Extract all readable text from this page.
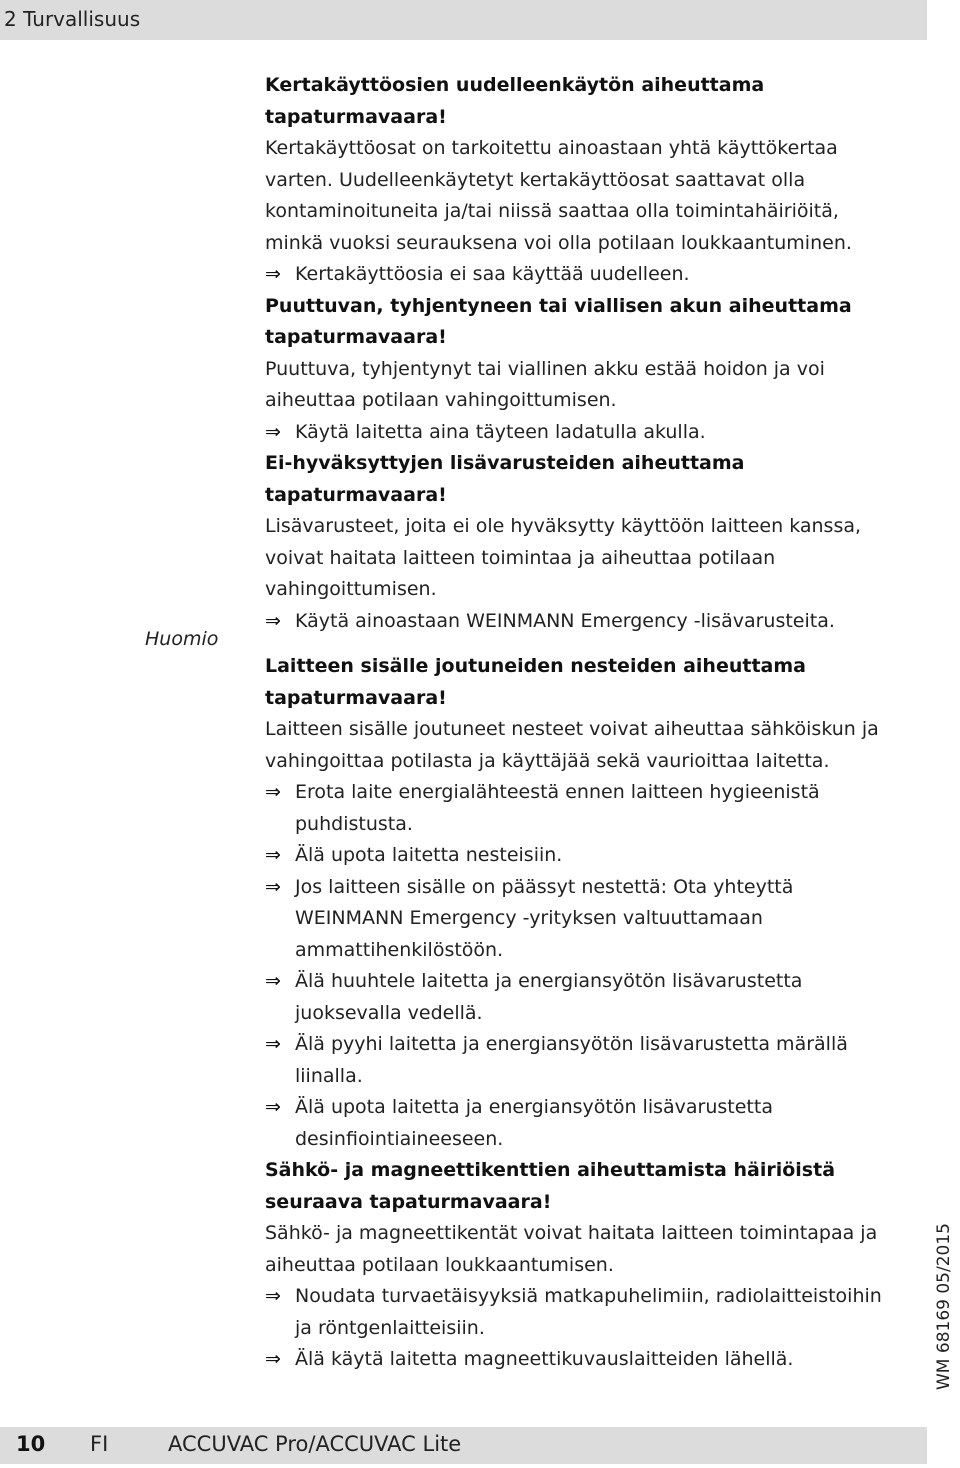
2 Turvallisuus
Huomio
Kertakäyttöosien uudelleenkäytön aiheuttama
tapaturmavaara!
Kertakäyttöosat on tarkoitettu ainoastaan yhtä käyttökertaa
varten. Uudelleenkäytetyt kertakäyttöosat saattavat olla
kontaminoituneita ja/tai niissä saattaa olla toimintahäiriöitä,
minkä vuoksi seurauksena voi olla potilaan loukkaantuminen.
⇒ Kertakäyttöosia ei saa käyttää uudelleen.
Puuttuvan, tyhjentyneen tai viallisen akun aiheuttama
tapaturmavaara!
Puuttuva, tyhjentynyt tai viallinen akku estää hoidon ja voi
aiheuttaa potilaan vahingoittumisen.
⇒ Käytä laitetta aina täyteen ladatulla akulla.
Ei-hyväksyttyjen lisävarusteiden aiheuttama tapaturmavaara!
Lisävarusteet, joita ei ole hyväksytty käyttöön laitteen kanssa,
voivat haitata laitteen toimintaa ja aiheuttaa potilaan
vahingoittumisen.
⇒ Käytä ainoastaan WEINMANN Emergency -lisävarusteita.
Laitteen sisälle joutuneiden nesteiden aiheuttama
tapaturmavaara!
Laitteen sisälle joutuneet nesteet voivat aiheuttaa sähköiskun ja
vahingoittaa potilasta ja käyttäjää sekä vaurioittaa laitetta.
⇒ Erota laite energialähteestä ennen laitteen hygieenistä
puhdistusta.
⇒ Älä upota laitetta nesteisiin.
⇒ Jos laitteen sisälle on päässyt nestettä: Ota yhteyttä
WEINMANN Emergency -yrityksen valtuuttamaan
ammattihenkilöstöön.
⇒ Älä huuhtele laitetta ja energiansyötön lisävarustetta
juoksevalla vedellä.
⇒ Älä pyyhi laitetta ja energiansyötön lisävarustetta märällä
liinalla.
⇒ Älä upota laitetta ja energiansyötön lisävarustetta
desinfiointiaineeseen.
Sähkö- ja magneettikenttien aiheuttamista häiriöistä
seuraava tapaturmavaara!
Sähkö- ja magneettikentät voivat haitata laitteen toimintapaa ja
aiheuttaa potilaan loukkaantumisen.
⇒ Noudata turvaetäisyyksiä matkapuhelimiin, radiolaitteistoihin
ja röntgenlaitteisiin.
⇒ Älä käytä laitetta magneettikuvauslaitteiden lähellä.
10 FI	ACCUVAC Pro/ACCUVAC Lite
WM 68169 05/2015
